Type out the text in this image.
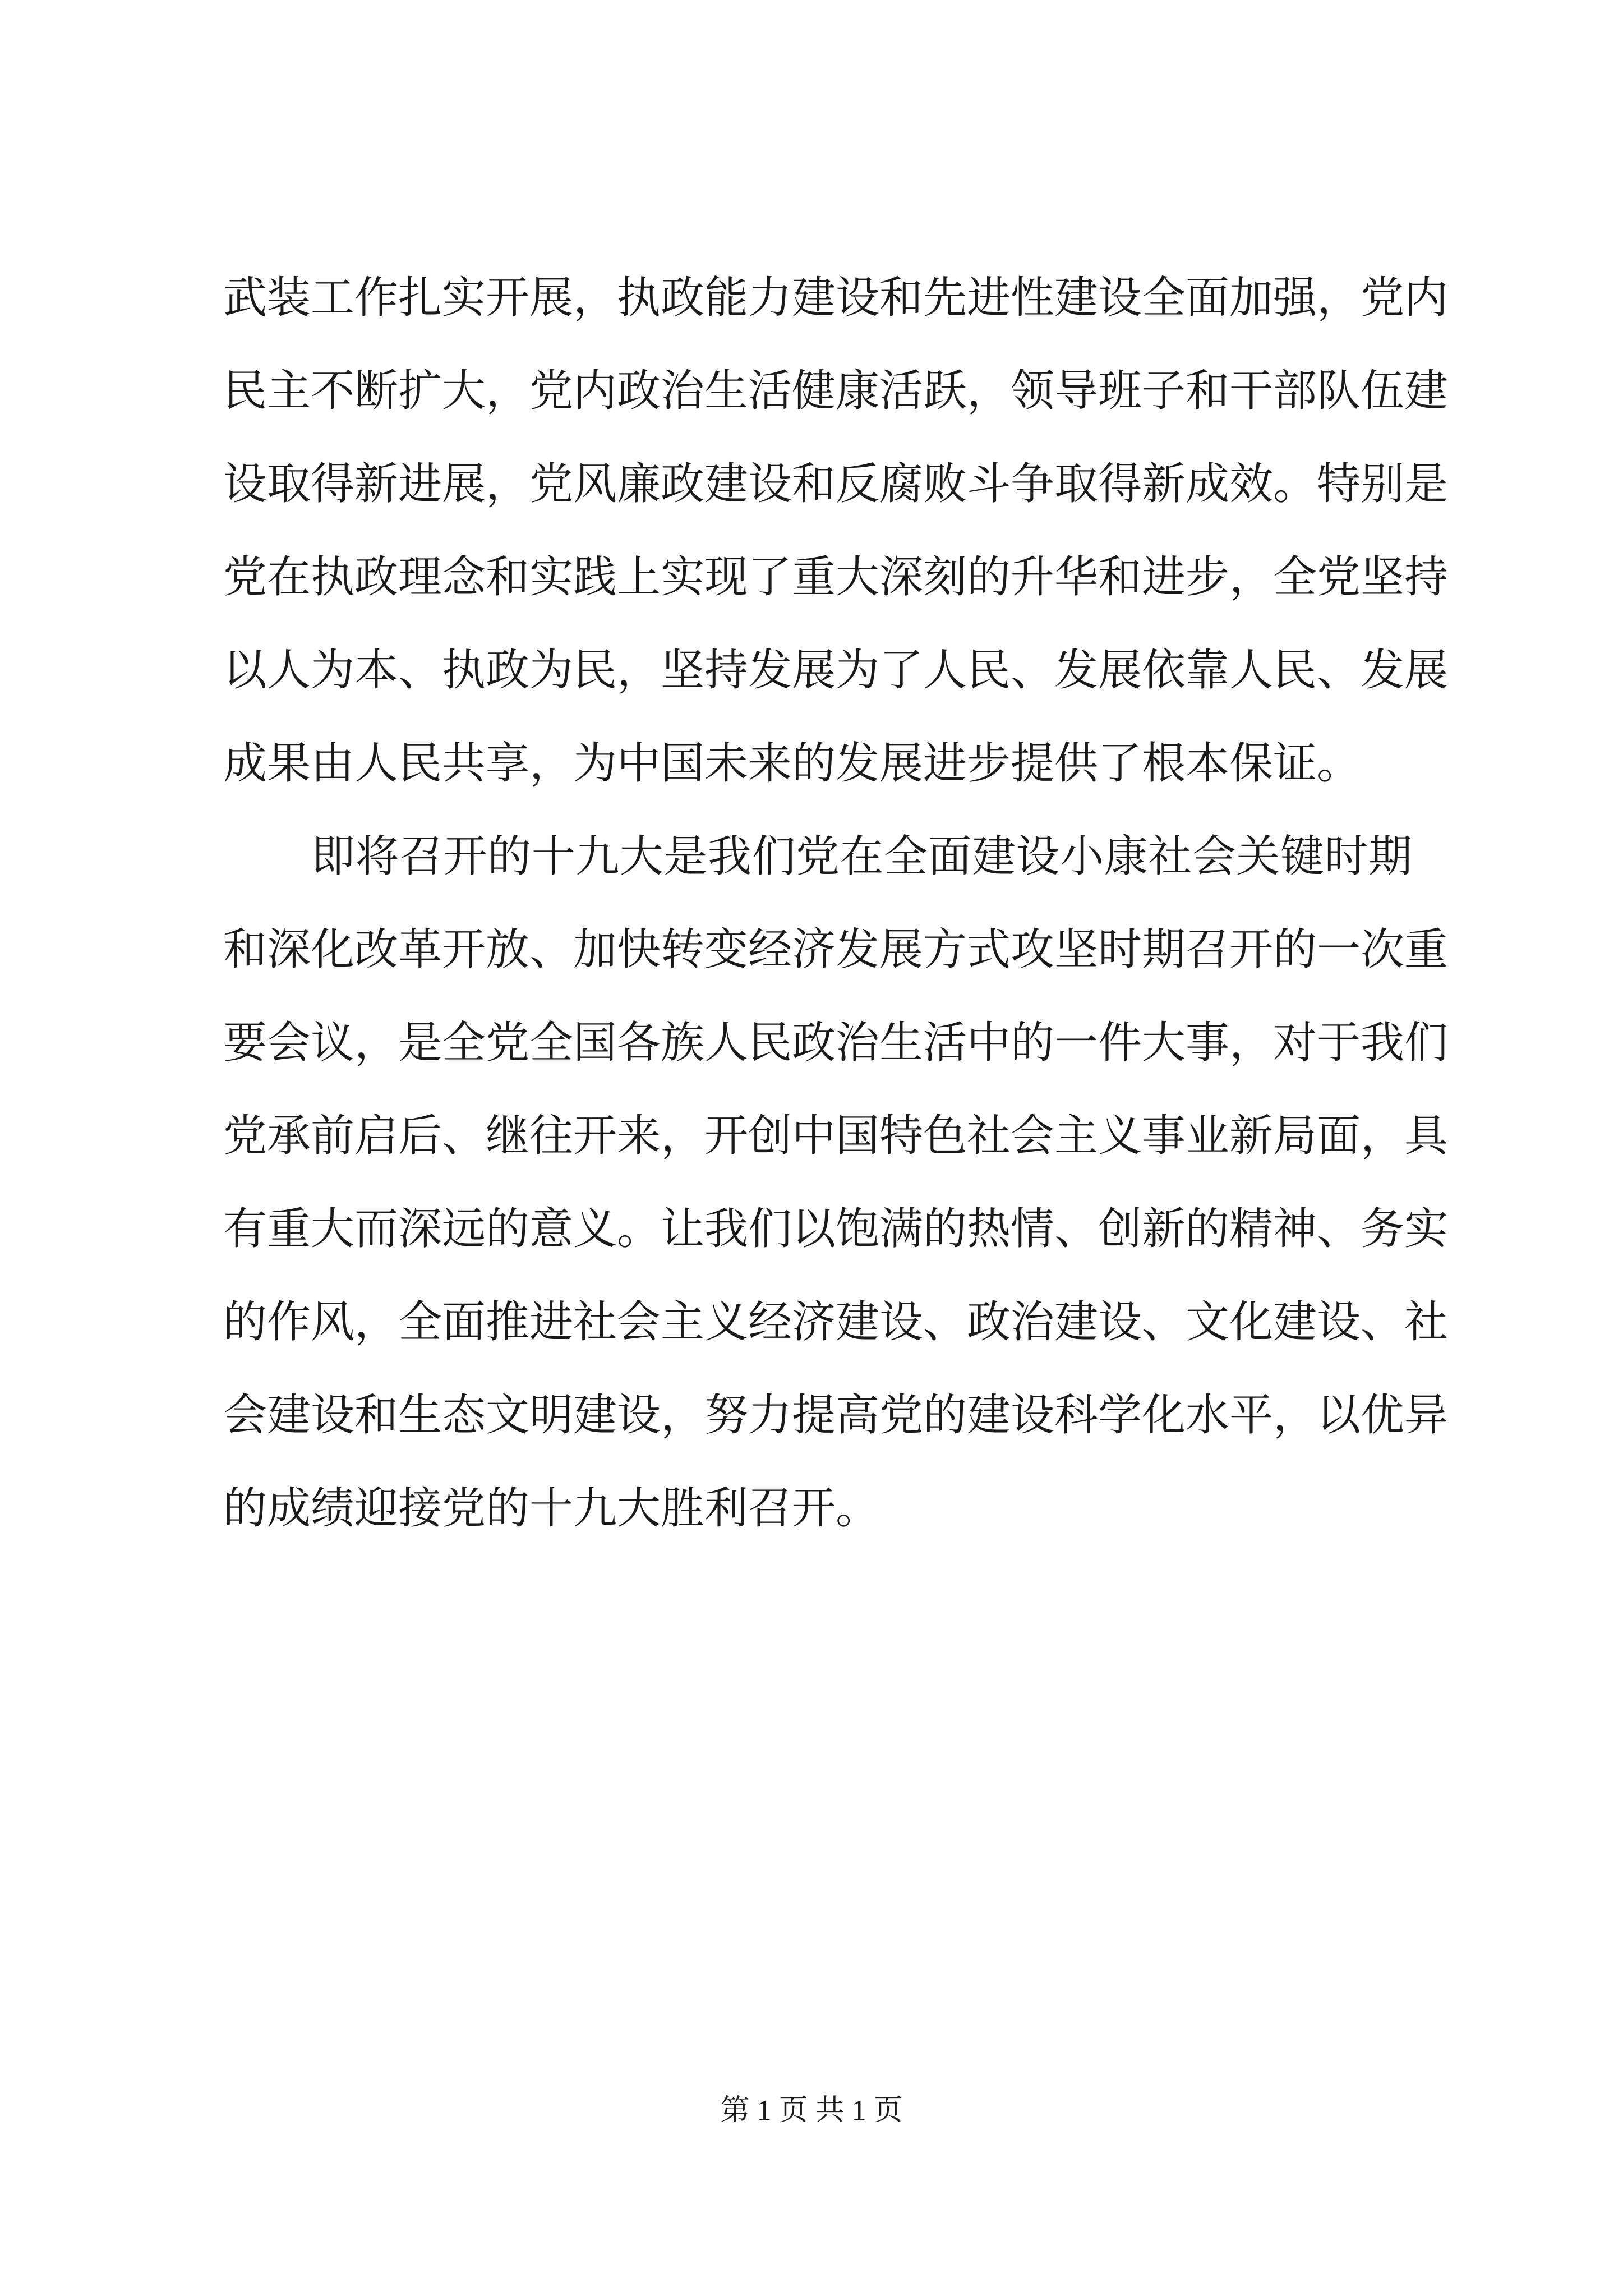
武装工作扎实开展，执政能力建设和先进性建设全面加强，党内
民主不断扩大，党内政治生活健康活跃，领导班子和干部队伍建
设取得新进展，党风廉政建设和反腐败斗争取得新成效。特别是
党在执政理念和实践上实现了重大深刻的升华和进步，全党坚持
以人为本、执政为民，坚持发展为了人民、发展依靠人民、发展
成果由人民共享，为中国未来的发展进步提供了根本保证。

　　即将召开的十九大是我们党在全面建设小康社会关键时期
和深化改革开放、加快转变经济发展方式攻坚时期召开的一次重
要会议，是全党全国各族人民政治生活中的一件大事，对于我们
党承前启后、继往开来，开创中国特色社会主义事业新局面，具
有重大而深远的意义。让我们以饱满的热情、创新的精神、务实
的作风，全面推进社会主义经济建设、政治建设、文化建设、社
会建设和生态文明建设，努力提高党的建设科学化水平，以优异
的成绩迎接党的十九大胜利召开。

第 1 页 共 1 页
